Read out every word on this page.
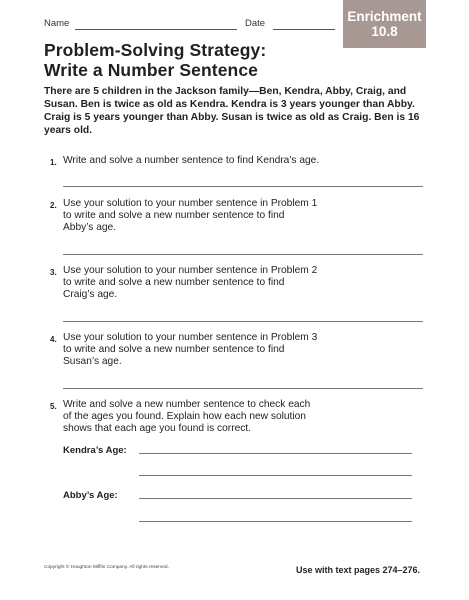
Name	Date	Enrichment
10.8
Problem-Solving Strategy:
Write a Number Sentence
There are 5 children in the Jackson family—Ben, Kendra, Abby, Craig, and Susan. Ben is twice as old as Kendra. Kendra is 3 years younger than Abby. Craig is 5 years younger than Abby. Susan is twice as old as Craig. Ben is 16 years old.
1. Write and solve a number sentence to find Kendra’s age.
2. Use your solution to your number sentence in Problem 1
to write and solve a new number sentence to find
Abby’s age.
3. Use your solution to your number sentence in Problem 2
to write and solve a new number sentence to find
Craig’s age.
4. Use your solution to your number sentence in Problem 3
to write and solve a new number sentence to find
Susan’s age.
5. Write and solve a new number sentence to check each
of the ages you found. Explain how each new solution
shows that each age you found is correct.
Kendra’s Age:
Abby’s Age:
Copyright © Houghton Mifflin Company. All rights reserved.	Use with text pages 274–276.
